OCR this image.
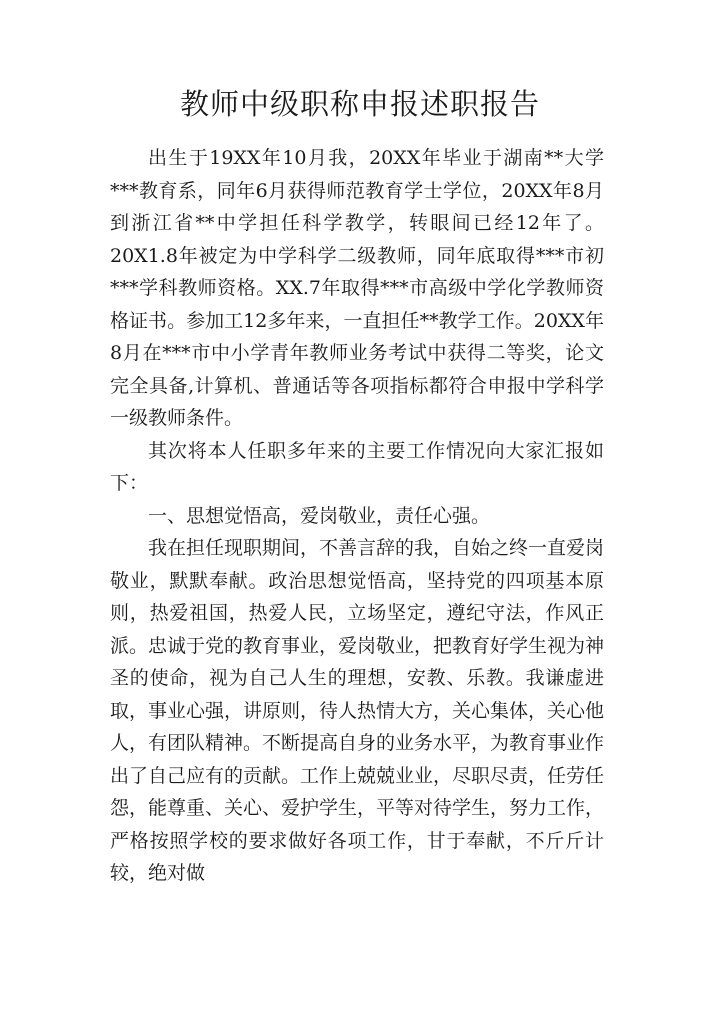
教师中级职称申报述职报告

出生于19XX年10月我，20XX年毕业于湖南**大学***教育系，同年6月获得师范教育学士学位，20XX年8月到浙江省**中学担任科学教学，转眼间已经12年了。20X1.8年被定为中学科学二级教师，同年底取得***市初***学科教师资格。XX.7年取得***市高级中学化学教师资格证书。参加工12多年来，一直担任**教学工作。20XX年8月在***市中小学青年教师业务考试中获得二等奖，论文完全具备,计算机、普通话等各项指标都符合申报中学科学一级教师条件。

其次将本人任职多年来的主要工作情况向大家汇报如下：

一、思想觉悟高，爱岗敬业，责任心强。

我在担任现职期间，不善言辞的我，自始之终一直爱岗敬业，默默奉献。政治思想觉悟高，坚持党的四项基本原则，热爱祖国，热爱人民，立场坚定，遵纪守法，作风正派。忠诚于党的教育事业，爱岗敬业，把教育好学生视为神圣的使命，视为自己人生的理想，安教、乐教。我谦虚进取，事业心强，讲原则，待人热情大方，关心集体，关心他人，有团队精神。不断提高自身的业务水平，为教育事业作出了自己应有的贡献。工作上兢兢业业，尽职尽责，任劳任怨，能尊重、关心、爱护学生，平等对待学生，努力工作，严格按照学校的要求做好各项工作，甘于奉献，不斤斤计较，绝对做
